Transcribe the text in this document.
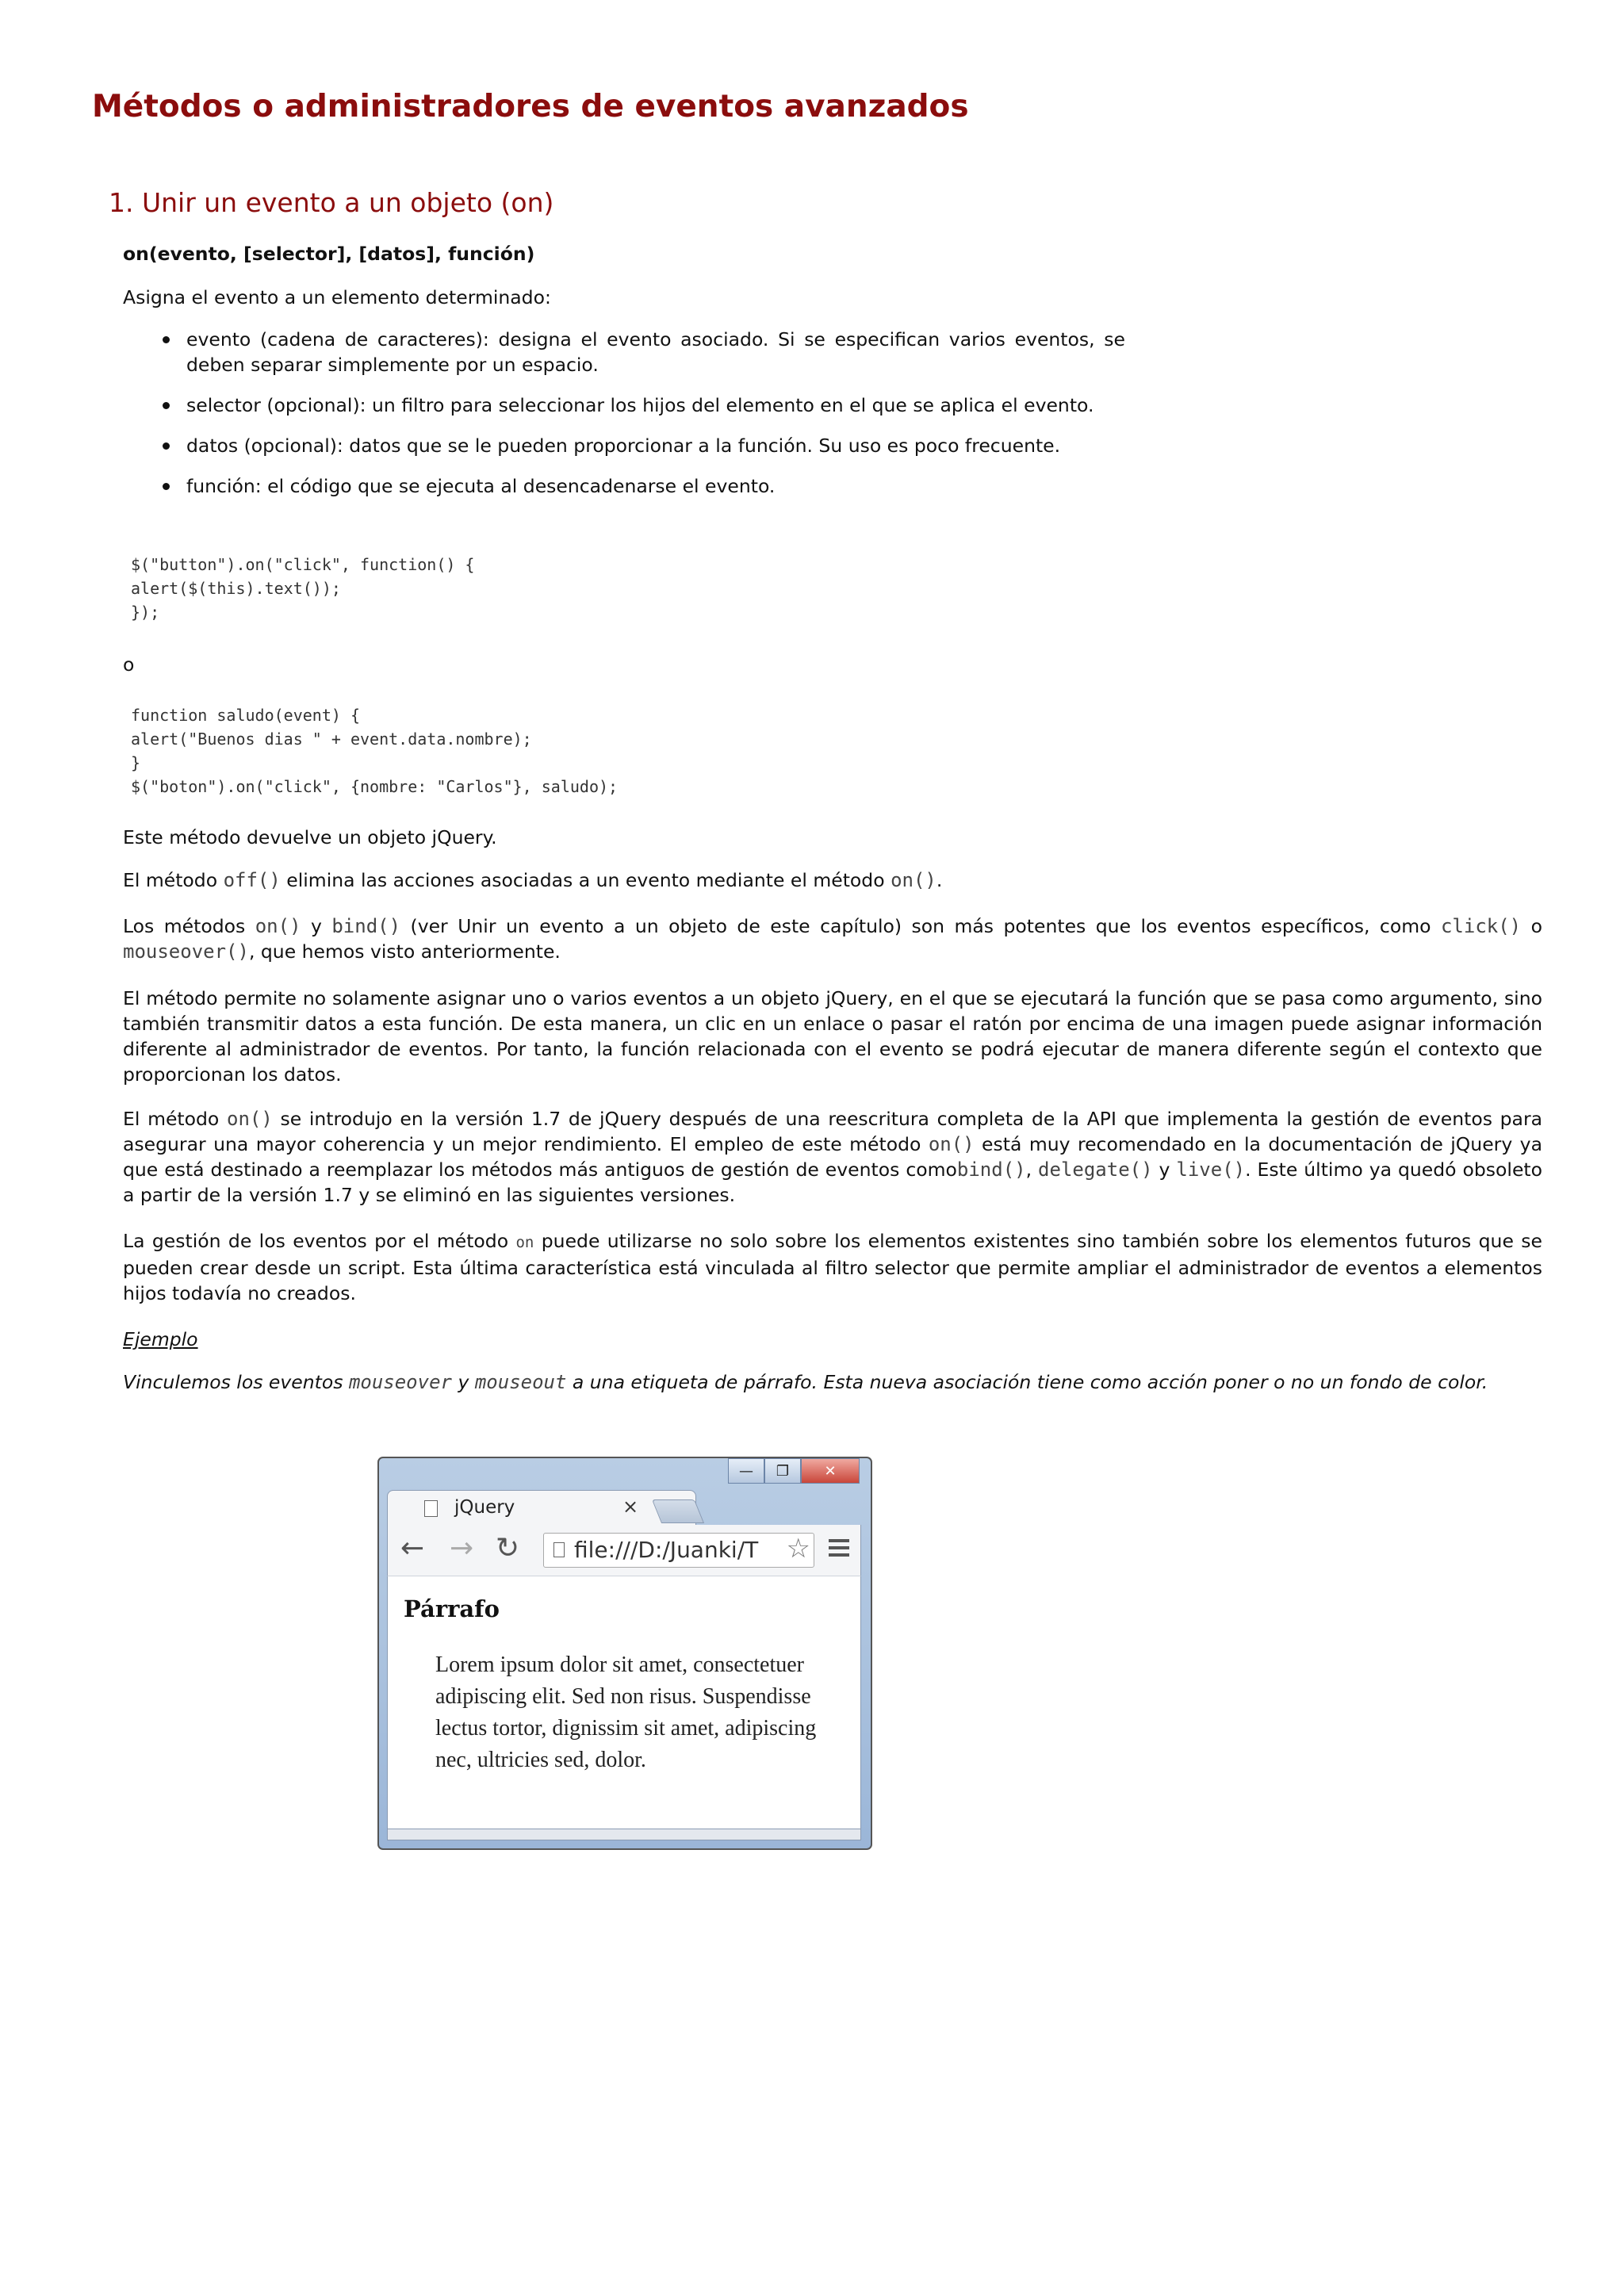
Métodos o administradores de eventos avanzados
1. Unir un evento a un objeto (on)

on(evento, [selector], [datos], función)

Asigna el evento a un elemento determinado:

evento (cadena de caracteres): designa el evento asociado. Si se especifican varios eventos, se deben separar simplemente por un espacio.
selector (opcional): un filtro para seleccionar los hijos del elemento en el que se aplica el evento.
datos (opcional): datos que se le pueden proporcionar a la función. Su uso es poco frecuente.
función: el código que se ejecuta al desencadenarse el evento.
$("button").on("click", function() {
alert($(this).text());
});

o

function saludo(event) {
alert("Buenos dias " + event.data.nombre);
}
$("boton").on("click", {nombre: "Carlos"}, saludo);

Este método devuelve un objeto jQuery.

El método off() elimina las acciones asociadas a un evento mediante el método on().

Los métodos on() y bind() (ver Unir un evento a un objeto de este capítulo) son más potentes que los eventos específicos, como click() o mouseover(), que hemos visto anteriormente.

El método permite no solamente asignar uno o varios eventos a un objeto jQuery, en el que se ejecutará la función que se pasa como argumento, sino también transmitir datos a esta función. De esta manera, un clic en un enlace o pasar el ratón por encima de una imagen puede asignar información diferente al administrador de eventos. Por tanto, la función relacionada con el evento se podrá ejecutar de manera diferente según el contexto que proporcionan los datos.

El método on() se introdujo en la versión 1.7 de jQuery después de una reescritura completa de la API que implementa la gestión de eventos para asegurar una mayor coherencia y un mejor rendimiento. El empleo de este método on() está muy recomendado en la documentación de jQuery ya que está destinado a reemplazar los métodos más antiguos de gestión de eventos comobind(), delegate() y live(). Este último ya quedó obsoleto a partir de la versión 1.7 y se eliminó en las siguientes versiones.

La gestión de los eventos por el método on puede utilizarse no solo sobre los elementos existentes sino también sobre los elementos futuros que se pueden crear desde un script. Esta última característica está vinculada al filtro selector que permite ampliar el administrador de eventos a elementos hijos todavía no creados.

Ejemplo

Vinculemos los eventos mouseover y mouseout a una etiqueta de párrafo. Esta nueva asociación tiene como acción poner o no un fondo de color.

—	❐	✕
jQuery	×
← → ↻ file:///D:/Juanki/T ☆
Párrafo

Lorem ipsum dolor sit amet, consectetuer adipiscing elit. Sed non risus. Suspendisse lectus tortor, dignissim sit amet, adipiscing nec, ultricies sed, dolor.
